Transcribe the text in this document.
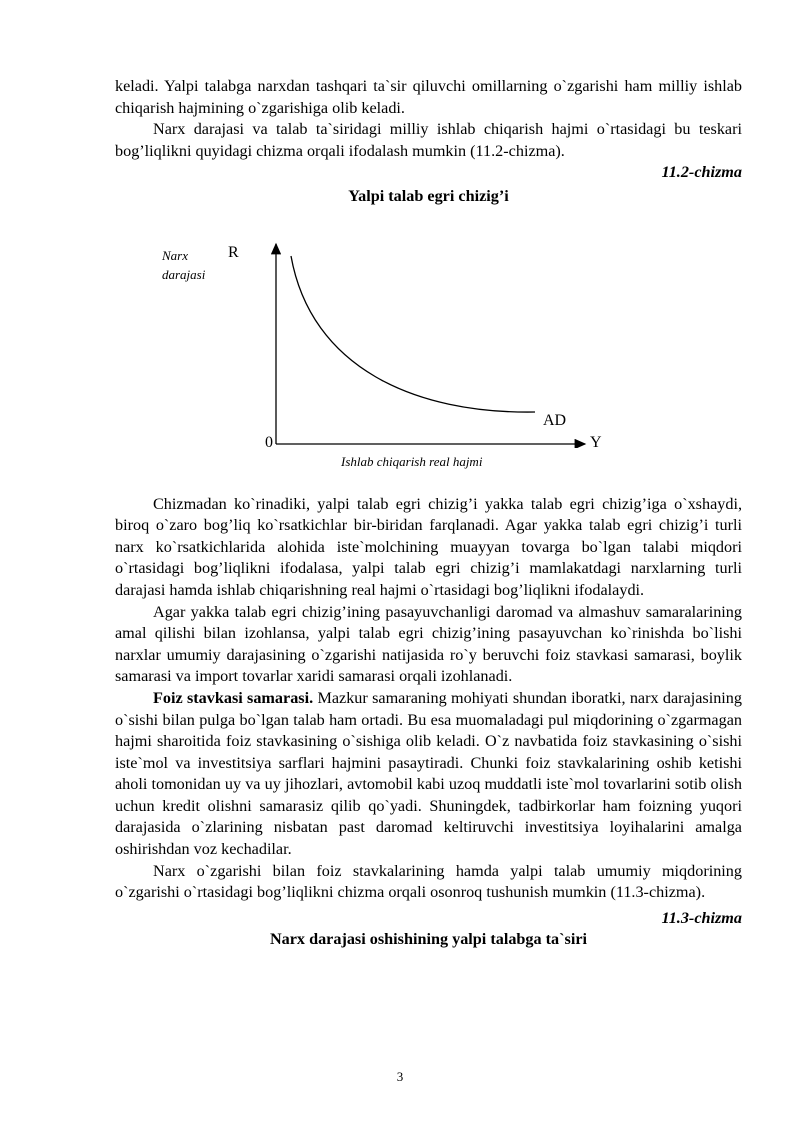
keladi. Yalpi talabga narxdan tashqari ta`sir qiluvchi omillarning o`zgarishi ham milliy ishlab chiqarish hajmining o`zgarishiga olib keladi.

Narx darajasi va talab ta`siridagi milliy ishlab chiqarish hajmi o`rtasidagi bu teskari bog’liqlikni quyidagi chizma orqali ifodalash mumkin (11.2-chizma).

11.2-chizma
Yalpi talab egri chizig’i
Narx
darajasi
R
AD
0	Y
Ishlab chiqarish real hajmi

Chizmadan ko`rinadiki, yalpi talab egri chizig’i yakka talab egri chizig’iga o`xshaydi, biroq o`zaro bog’liq ko`rsatkichlar bir-biridan farqlanadi. Agar yakka talab egri chizig’i turli narx ko`rsatkichlarida alohida iste`molchining muayyan tovarga bo`lgan talabi miqdori o`rtasidagi bog’liqlikni ifodalasa, yalpi talab egri chizig’i mamlakatdagi narxlarning turli darajasi hamda ishlab chiqarishning real hajmi o`rtasidagi bog’liqlikni ifodalaydi.

Agar yakka talab egri chizig’ining pasayuvchanligi daromad va almashuv samaralarining amal qilishi bilan izohlansa, yalpi talab egri chizig’ining pasayuvchan ko`rinishda bo`lishi narxlar umumiy darajasining o`zgarishi natijasida ro`y beruvchi foiz stavkasi samarasi, boylik samarasi va import tovarlar xaridi samarasi orqali izohlanadi.

Foiz stavkasi samarasi. Mazkur samaraning mohiyati shundan iboratki, narx darajasining o`sishi bilan pulga bo`lgan talab ham ortadi. Bu esa muomaladagi pul miqdorining o`zgarmagan hajmi sharoitida foiz stavkasining o`sishiga olib keladi. O`z navbatida foiz stavkasining o`sishi iste`mol va investitsiya sarflari hajmini pasaytiradi. Chunki foiz stavkalarining oshib ketishi aholi tomonidan uy va uy jihozlari, avtomobil kabi uzoq muddatli iste`mol tovarlarini sotib olish uchun kredit olishni samarasiz qilib qo`yadi. Shuningdek, tadbirkorlar ham foizning yuqori darajasida o`zlarining nisbatan past daromad keltiruvchi investitsiya loyihalarini amalga oshirishdan voz kechadilar.

Narx o`zgarishi bilan foiz stavkalarining hamda yalpi talab umumiy miqdorining o`zgarishi o`rtasidagi bog’liqlikni chizma orqali osonroq tushunish mumkin (11.3-chizma).

11.3-chizma
Narx darajasi oshishining yalpi talabga ta`siri
3
